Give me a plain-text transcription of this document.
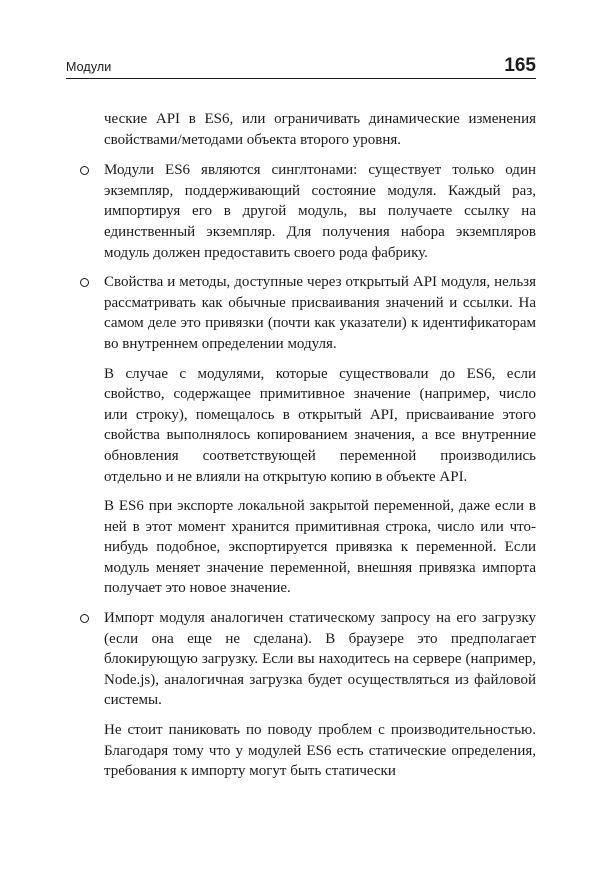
Модули	165

ческие API в ES6, или ограничивать динамические изменения свойствами/методами объекта второго уровня.

Модули ES6 являются синглтонами: существует только один экземпляр, поддерживающий состояние модуля. Каждый раз, импортируя его в другой модуль, вы получаете ссылку на единственный экземпляр. Для получения набора экземпляров модуль должен предоставить своего рода фабрику.
Свойства и методы, доступные через открытый API модуля, нельзя рассматривать как обычные присваивания значений и ссылки. На самом деле это привязки (почти как указатели) к идентификаторам во внутреннем определении модуля.

В случае с модулями, которые существовали до ES6, если свойство, содержащее примитивное значение (например, число или строку), помещалось в открытый API, присваивание этого свойства выполнялось копированием значения, а все внутренние обновления соответствующей переменной производились отдельно и не влияли на открытую копию в объекте API.

В ES6 при экспорте локальной закрытой переменной, даже если в ней в этот момент хранится примитивная строка, число или что-нибудь подобное, экспортируется привязка к переменной. Если модуль меняет значение переменной, внешняя привязка импорта получает это новое значение.

Импорт модуля аналогичен статическому запросу на его загрузку (если она еще не сделана). В браузере это предполагает блокирующую загрузку. Если вы находитесь на сервере (например, Node.js), аналогичная загрузка будет осуществляться из файловой системы.

Не стоит паниковать по поводу проблем с производительностью. Благодаря тому что у модулей ES6 есть статические определения, требования к импорту могут быть статически
